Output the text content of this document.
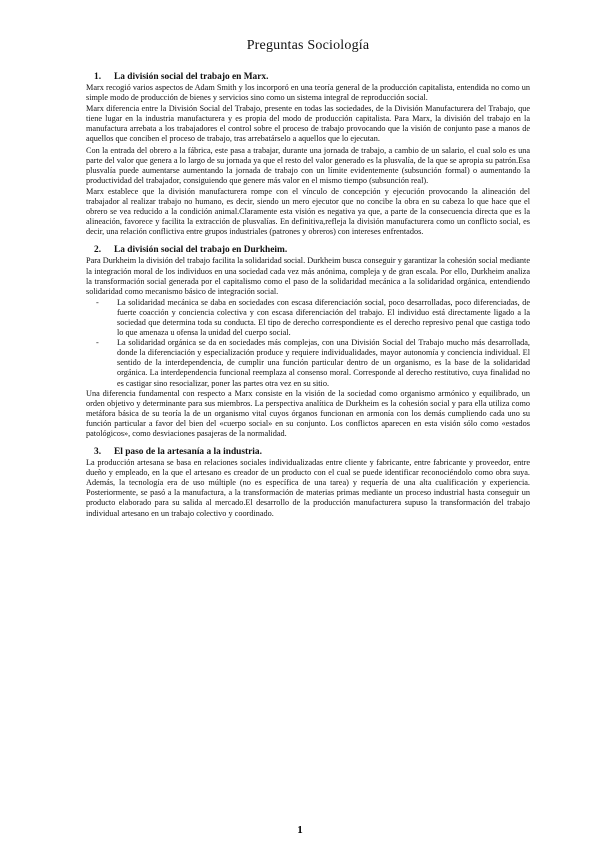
Preguntas Sociología
1. La división social del trabajo en Marx.

Marx recogió varios aspectos de Adam Smith y los incorporó en una teoría general de la producción capitalista, entendida no como un simple modo de producción de bienes y servicios sino como un sistema integral de reproducción social.

Marx diferencia entre la División Social del Trabajo, presente en todas las sociedades, de la División Manufacturera del Trabajo, que tiene lugar en la industria manufacturera y es propia del modo de producción capitalista. Para Marx, la división del trabajo en la manufactura arrebata a los trabajadores el control sobre el proceso de trabajo provocando que la visión de conjunto pase a manos de aquellos que conciben el proceso de trabajo, tras arrebatárselo a aquellos que lo ejecutan.

Con la entrada del obrero a la fábrica, este pasa a trabajar, durante una jornada de trabajo, a cambio de un salario, el cual solo es una parte del valor que genera a lo largo de su jornada ya que el resto del valor generado es la plusvalía, de la que se apropia su patrón.Esa plusvalía puede aumentarse aumentando la jornada de trabajo con un límite evidentemente (subsunción formal) o aumentando la productividad del trabajador, consiguiendo que genere más valor en el mismo tiempo (subsunción real).

Marx establece que la división manufacturera rompe con el vínculo de concepción y ejecución provocando la alineación del trabajador al realizar trabajo no humano, es decir, siendo un mero ejecutor que no concibe la obra en su cabeza lo que hace que el obrero se vea reducido a la condición animal.Claramente esta visión es negativa ya que, a parte de la consecuencia directa que es la alineación, favorece y facilita la extracción de plusvalías. En definitiva,refleja la división manufacturera como un conflicto social, es decir, una relación conflictiva entre grupos industriales (patrones y obreros) con intereses enfrentados.

2. La división social del trabajo en Durkheim.

Para Durkheim la división del trabajo facilita la solidaridad social. Durkheim busca conseguir y garantizar la cohesión social mediante la integración moral de los individuos en una sociedad cada vez más anónima, compleja y de gran escala. Por ello, Durkheim analiza la transformación social generada por el capitalismo como el paso de la solidaridad mecánica a la solidaridad orgánica, entendiendo solidaridad como mecanismo básico de integración social.

- La solidaridad mecánica se daba en sociedades con escasa diferenciación social, poco desarrolladas, poco diferenciadas, de fuerte coacción y conciencia colectiva y con escasa diferenciación del trabajo. El individuo está directamente ligado a la sociedad que determina toda su conducta. El tipo de derecho correspondiente es el derecho represivo penal que castiga todo lo que amenaza u ofensa la unidad del cuerpo social.
- La solidaridad orgánica se da en sociedades más complejas, con una División Social del Trabajo mucho más desarrollada, donde la diferenciación y especialización produce y requiere individualidades, mayor autonomía y conciencia individual. El sentido de la interdependencia, de cumplir una función particular dentro de un organismo, es la base de la solidaridad orgánica. La interdependencia funcional reemplaza al consenso moral. Corresponde al derecho restitutivo, cuya finalidad no es castigar sino resocializar, poner las partes otra vez en su sitio.

Una diferencia fundamental con respecto a Marx consiste en la visión de la sociedad como organismo armónico y equilibrado, un orden objetivo y determinante para sus miembros. La perspectiva analítica de Durkheim es la cohesión social y para ella utiliza como metáfora básica de su teoría la de un organismo vital cuyos órganos funcionan en armonía con los demás cumpliendo cada uno su función particular a favor del bien del «cuerpo social» en su conjunto. Los conflictos aparecen en esta visión sólo como «estados patológicos», como desviaciones pasajeras de la normalidad.

3. El paso de la artesanía a la industria.

La producción artesana se basa en relaciones sociales individualizadas entre cliente y fabricante, entre fabricante y proveedor, entre dueño y empleado, en la que el artesano es creador de un producto con el cual se puede identificar reconociéndolo como obra suya. Además, la tecnología era de uso múltiple (no es específica de una tarea) y requería de una alta cualificación y experiencia. Posteriormente, se pasó a la manufactura, a la transformación de materias primas mediante un proceso industrial hasta conseguir un producto elaborado para su salida al mercado.El desarrollo de la producción manufacturera supuso la transformación del trabajo individual artesano en un trabajo colectivo y coordinado.

1
